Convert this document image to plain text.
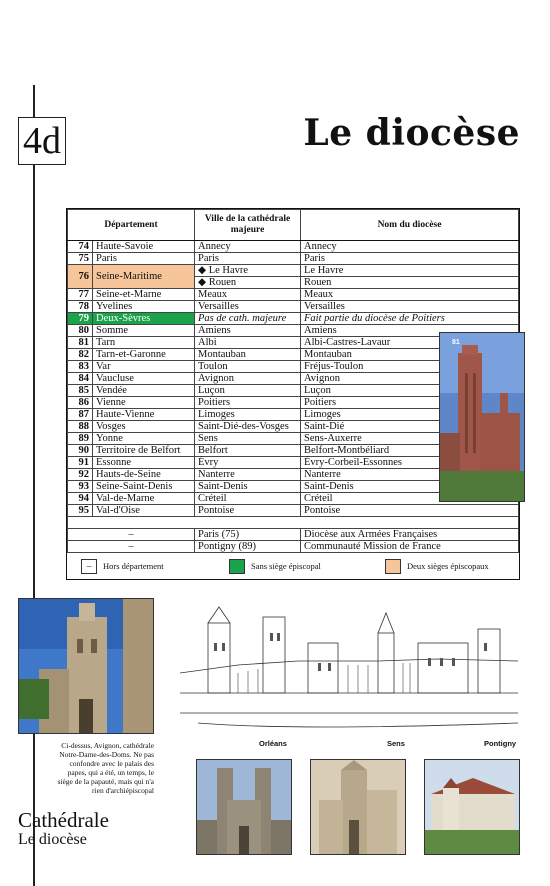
4d	Le diocèse
Département		Ville de la cathédrale majeure	Nom du diocèse
74	Haute-Savoie	Annecy	Annecy
75	Paris	Paris	Paris
76	Seine-Maritime	◆ Le Havre	Le Havre
		◆ Rouen	Rouen
77	Seine-et-Marne	Meaux	Meaux
78	Yvelines	Versailles	Versailles
79	Deux-Sèvres	Pas de cath. majeure	Fait partie du diocèse de Poitiers
80	Somme	Amiens	Amiens
81	Tarn	Albi	Albi-Castres-Lavaur
82	Tarn-et-Garonne	Montauban	Montauban
83	Var	Toulon	Fréjus-Toulon
84	Vaucluse	Avignon	Avignon
85	Vendée	Luçon	Luçon
86	Vienne	Poitiers	Poitiers
87	Haute-Vienne	Limoges	Limoges
88	Vosges	Saint-Dié-des-Vosges	Saint-Dié
89	Yonne	Sens	Sens-Auxerre
90	Territoire de Belfort	Belfort	Belfort-Montbéliard
91	Essonne	Évry	Évry-Corbeil-Essonnes
92	Hauts-de-Seine	Nanterre	Nanterre
93	Seine-Saint-Denis	Saint-Denis	Saint-Denis
94	Val-de-Marne	Créteil	Créteil
95	Val-d'Oise	Pontoise	Pontoise

–		Paris (75)	Diocèse aux Armées Françaises
–		Pontigny (89)	Communauté Mission de France
–	Hors département	Sans siège épiscopal	Deux sièges épiscopaux
81
Ci-dessus, Avignon, cathédrale Notre-Dame-des-Doms. Ne pas confondre avec le palais des papes, qui a été, un temps, le siège de la papauté, mais qui n'a rien d'archiépiscopal
Cathédrale
Le diocèse
Orléans	Sens	Pontigny
